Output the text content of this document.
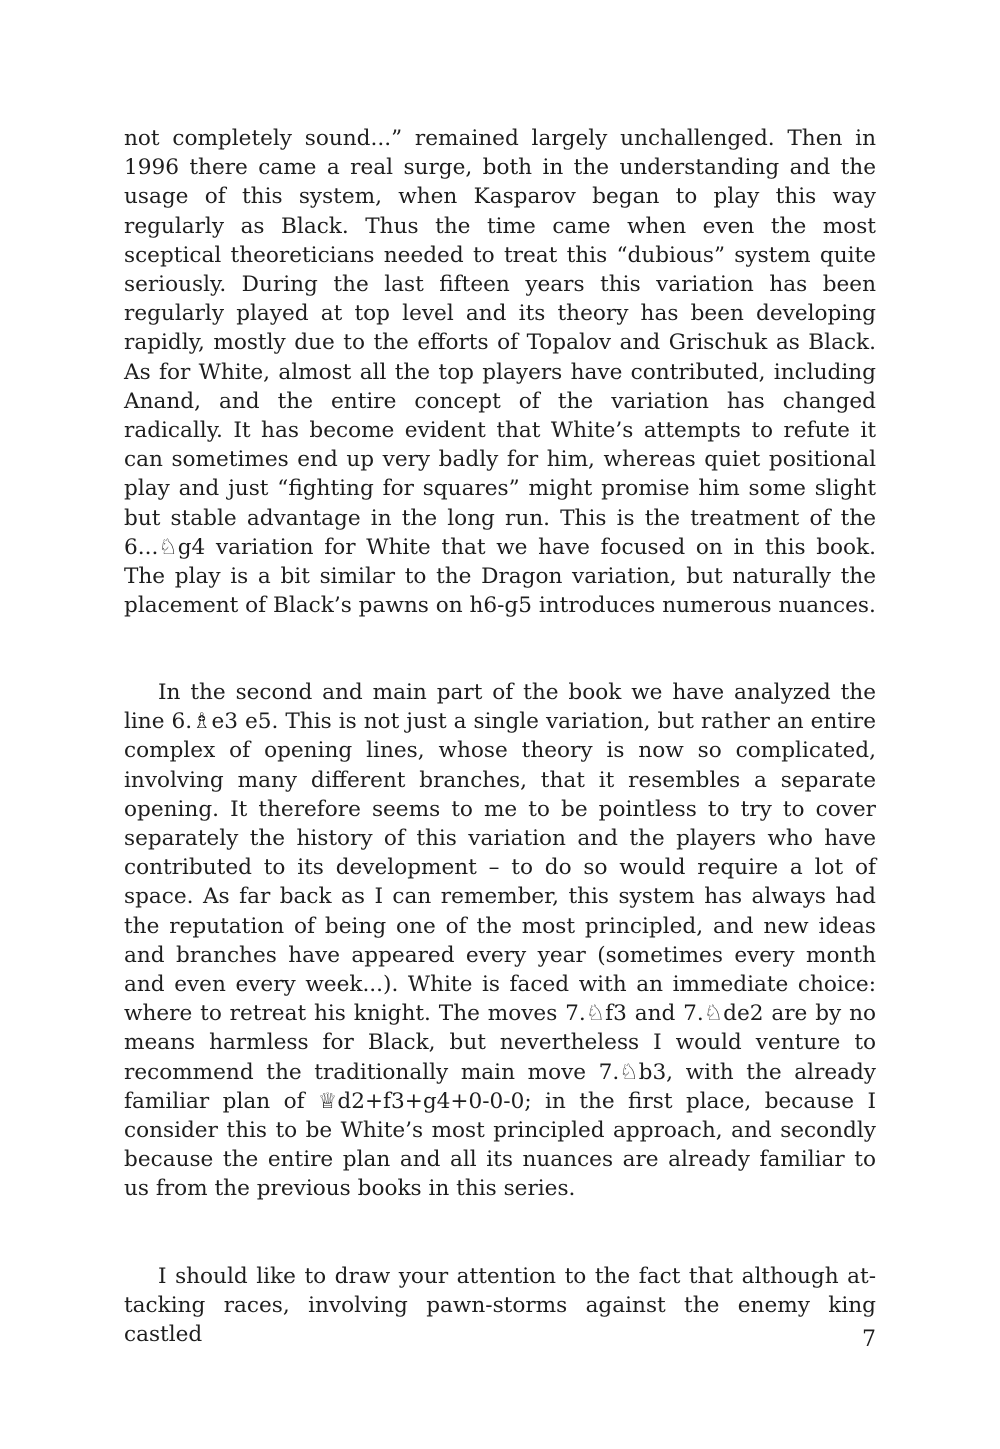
not completely sound...” remained largely unchallenged. Then in 1996 there came a real surge, both in the understanding and the usage of this system, when Kasparov began to play this way regularly as Black. Thus the time came when even the most sceptical theoreticians needed to treat this “dubious” system quite seriously. During the last fifteen years this variation has been regularly played at top level and its theory has been developing rapidly, mostly due to the efforts of Topalov and Grischuk as Black. As for White, almost all the top players have contributed, including Anand, and the entire concept of the variation has changed radically. It has become evident that White’s attempts to refute it can sometimes end up very badly for him, whereas quiet positional play and just “fighting for squares” might promise him some slight but stable advantage in the long run. This is the treatment of the 6...♘g4 variation for White that we have focused on in this book. The play is a bit similar to the Dragon variation, but naturally the placement of Black’s pawns on h6-g5 introduces numerous nuances.

In the second and main part of the book we have analyzed the line 6.♗e3 e5. This is not just a single variation, but rather an entire complex of opening lines, whose theory is now so complicated, involving many different branches, that it resembles a separate opening. It therefore seems to me to be pointless to try to cover separately the history of this variation and the players who have contributed to its development – to do so would require a lot of space. As far back as I can remember, this system has always had the reputation of being one of the most principled, and new ideas and branches have appeared every year (sometimes every month and even every week...). White is faced with an immediate choice: where to retreat his knight. The moves 7.♘f3 and 7.♘de2 are by no means harmless for Black, but nevertheless I would venture to recommend the traditionally main move 7.♘b3, with the already familiar plan of ♕d2+f3+g4+0-0-0; in the first place, because I consider this to be White’s most principled approach, and secondly because the entire plan and all its nuances are already familiar to us from the previous books in this series.

I should like to draw your attention to the fact that although attacking races, involving pawn-storms against the enemy king castled	7
